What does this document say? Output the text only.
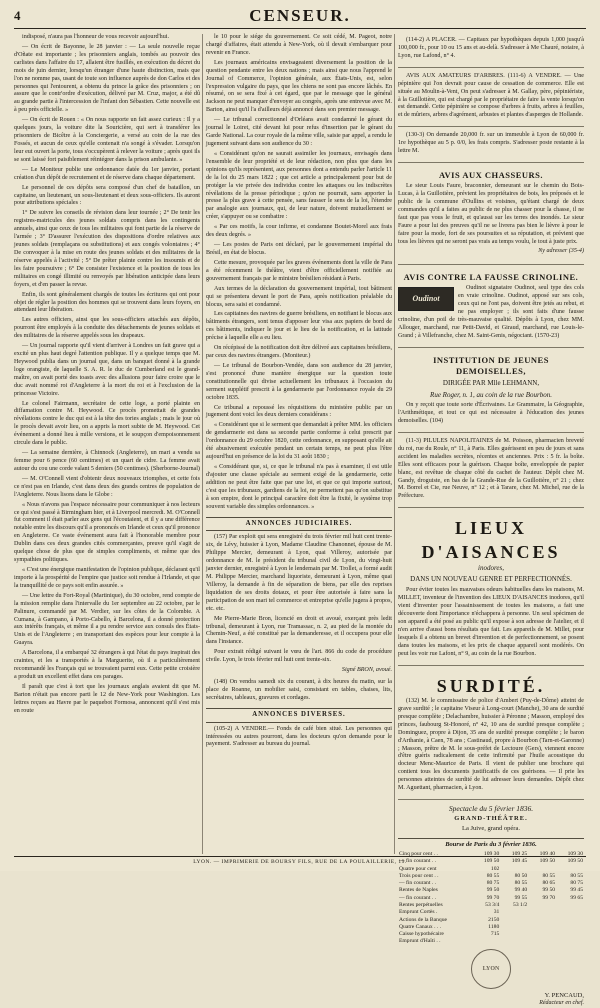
4	CENSEUR.

indisposé, n'aura pas l'honneur de vous recevoir aujourd'hui.

— On écrit de Bayonne, le 28 janvier : — La seule nouvelle reçue d'Oñate est importante ; les prisonniers anglais, tombés au pouvoir des carlistes dans l'affaire du 17, allaient être fusillés, en exécution du décret du mois de juin dernier, lorsqu'un étranger d'une haute distinction, mais que l'on ne nomme pas, usant de toute son influence auprès de don Carlos et des personnes qui l'entourent, a obtenu du prince la grâce des prisonniers ; on assure que le contr'ordre d'exécution, délivré par M. Cruz, major, a été dû au grande partie à l'intercession de l'infant don Sébastien. Cette nouvelle est à peu près officielle. »

— On écrit de Rouen : « On nous rapporte un fait assez curieux : Il y a quelques jours, la voiture dite la Souricière, qui sert à transférer les prisonniers de Bicêtre à la Conciergerie, a versé au coin de la rue des Fossés, et aucun de ceux qu'elle contenait n'a songé à s'évader. Lorsqu'on leur eut ouvert la porte, tous s'occupèrent à relever la voiture ; après quoi ils se sont laissé fort paisiblement réintégrer dans la prison ambulante. »

— Le Moniteur publie une ordonnance datée du 1er janvier, portant création d'un dépôt de recrutement et de réserve dans chaque département.

Le personnel de ces dépôts sera composé d'un chef de bataillon, un capitaine, un lieutenant, un sous-lieutenant et deux sous-officiers. Ils auront pour attributions spéciales :

1° De suivre les conseils de révision dans leur tournée ; 2° De tenir les registres-matricules des jeunes soldats compris dans les contingents annuels, ainsi que ceux de tous les militaires qui font partie de la réserve de l'armée ; 3° D'assurer l'exécution des dispositions d'ordre relatives aux jeunes soldats (remplaçans ou substitutions) et aux congés volontaires ; 4° De convoquer à la mise en route des jeunes soldats et des militaires de la réserve appelés à l'activité ; 5° De prêter plainte contre les insoumis et de les faire poursuivre ; 6° De consister l'existence et la position de tous les militaires en congé illimité ou renvoyés par libération anticipée dans leurs foyers, et d'en passer la revue.

Enfin, ils sont généralement chargés de toutes les écritures qui ont pour objet de régler la position des hommes qui se trouvent dans leurs foyers, en attendant leur libération.

Les autres officiers, ainsi que les sous-officiers attachés aux dépôts, pourront être employés à la conduite des détachements de jeunes soldats et des militaires de la réserve appelés sous les drapeaux.

— Un journal rapporte qu'il vient d'arriver à Londres un fait grave qui a excité un plus haut degré l'attention publique. Il y a quelque temps que M. Heywood publia dans un journal que, dans un banquet donné à la grande loge orangiste, de laquelle S. A. R. le duc de Cumberland est le grand-maître, on avait porté des toasts avec des allusions pour faire croire que le duc avait nommé roi d'Angleterre à la mort du roi et à l'exclusion de la princesse Victoire.

Le colonel Fairmann, secrétaire de cette loge, a porté plainte en diffamation contre M. Heywood. Ce procès promettait de grandes révélations contre le duc qui est à la tête des tories anglais ; mais le jour où le procès devait avoir lieu, on a appris la mort subite de M. Heywood. Cet événement a donné lieu à mille versions, et le soupçon d'empoisonnement circule dans le public.

— La semaine dernière, à Chinnock (Angleterre), un mari a vendu sa femme pour 6 pence (60 centimes) et un quart de cidre. La femme avait autour du cou une corde valant 5 deniers (50 centimes). (Sherborne-Journal)

— M. O'Connell vient d'obtenir deux nouveaux triomphes, et cette fois ce n'est pas en Irlande, c'est dans deux des grands centres de population de l'Angleterre. Nous lisons dans le Globe :

« Nous n'avons pas l'espace nécessaire pour communiquer à nos lecteurs ce qui s'est passé à Birmingham hier, et à Liverpool mercredi. M. O'Connell fut comment il était parler aux gens qui l'écoutaient, et il y a une différence notable entre les discours qu'il a prononcés en Irlande et ceux qu'il prononce en Angleterre. Ce vaste événement aura fait à l'honorable membre pour Dublin dans ces deux grandes cités commerçantes, preuve qu'il s'agit de quelque chose de plus que de simples compliments, et même que des sympathies politiques.

« C'est une énergique manifestation de l'opinion publique, déclarant qu'il importe à la prospérité de l'empire que justice soit rendue à l'Irlande, et que la tranquillité de ce pays soit enfin assurée. »

— Une lettre du Fort-Royal (Martinique), du 30 octobre, rend compte de la mission remplie dans l'intervalle du 1er septembre au 22 octobre, par le Palinure, commandé par M. Verdier, sur les côtes de la Colombie. A Cumana, à Gampano, à Porto-Cabello, à Barcelona, il a donné protection aux intérêts français, et même il a pu rendre service aux consuls des États-Unis et de l'Angleterre ; en transportant des espèces pour leur compte à la Guayra.

A Barcelona, il a embarqué 32 étrangers à qui l'état du pays inspirait des craintes, et les a transportés à la Marguerite, où il a particulièrement recommandé les Français qui se trouvaient parmi eux. Cette petite croisière a produit un excellent effet dans ces parages.

Il paraît que c'est à tort que les journaux anglais avaient dit que M. Barton n'était pas encore parti le 12 de New-York pour Washington. Les lettres reçues au Havre par le paquebot Formosa, annoncent qu'il s'est mis en route

le 10 pour le siége du gouvernement. Ce soit cédé, M. Pageot, notre chargé d'affaires, était attendu à New-York, où il devait s'embarquer pour revenir en France.

Les journaux américains envisageaient diversement la position de la question pendante entre les deux nations ; mais ainsi que nous l'apprend le Journal of Commerce, l'opinion générale, aux États-Unis, est, selon l'expression vulgaire du pays, que les chiens ne sont pas encore lâchés. En résumé, on se sera fixé à cet égard, que par le message que le général Jackson ne peut manquer d'envoyer au congrès, après une entrevue avec M. Barton, ainsi qu'il l'a d'ailleurs déjà annoncé dans son premier message.

— Le tribunal correctionnel d'Orléans avait condamné le gérant du journal le Loiret, cité devant lui pour refus d'insertion par le gérant du Garde National. La cour royale de la même ville, saisie par appel, a rendu le jugement suivant dans son audience du 30 :

« Considérant qu'on ne saurait assimiler les journaux, envisagés dans l'ensemble de leur propriété et de leur rédaction, non plus que dans les opinions qu'ils représentent, aux personnes dont a entendu parler l'article 11 de la loi du 25 mars 1822 ; que cet article a principalement pour but de protéger la vie privée des individus contre les attaques ou les indiscrètes révélations de la presse périodique ; qu'on ne pourrait, sans apporter la presse la plus grave à cette pensée, sans fausser le sens de la loi, l'étendre par analogie aux journaux, qui, de leur nature, doivent mutuellement se créer, s'appuyer ou se combattre :

« Par ces motifs, la cour infirme, et condamne Boutet-Morel aux frais des deux degrés. »

— Les postes de Paris ont déclaré, par le gouvernement impérial du Brésil, en état de blocus.

Cette mesure, provoquée par les graves événements dont la ville de Para a été récemment le théâtre, vient d'être officiellement notifiée au gouvernement français par le ministre brésilien résidant à Paris.

Aux termes de la déclaration du gouvernement impérial, tout bâtiment qui se présentera devant le port de Para, après notification préalable du blocus, sera saisi et condamné.

Les capitaines des navires de guerre brésiliens, en notifiant le blocus aux bâtiments étrangers, sont tenus d'apposer leur visa aux papiers de bord de ces bâtiments, indiquer le jour et le lieu de la notification, et la latitude précise à laquelle elle a eu lieu.

On récépissé de la notification doit être délivré aux capitaines brésiliens, par ceux des navires étrangers. (Moniteur.)

— Le tribunal de Bourbon-Vendée, dans son audience du 28 janvier, s'est prononcé d'une manière énergique sur la question toute constitutionnelle qui divise actuellement les tribunaux à l'occasion du serment supplétif prescrit à la gendarmerie par l'ordonnance royale du 29 octobre 1835.

Ce tribunal a repoussé les réquisitions du ministère public par un jugement dont voici les deux derniers considérans :

« Considérant que si le serment que demandait à prêter MM. les officiers de gendarmerie est dans sa seconde partie conforme à celui prescrit par l'ordonnance du 29 octobre 1820, cette ordonnance, en supposant qu'elle ait été abusivement exécutée pendant un certain temps, ne peut plus l'être aujourd'hui en présence de la loi du 31 août 1830 ;

« Considérant que, si, ce que le tribunal n'a pas à examiner, il est utile d'ajouter une clause spéciale au serment exigé de la gendarmerie, cette addition ne peut être faite que par une loi, et que ce qui importe surtout, c'est que les tribunaux, gardiens de la loi, ne permettent pas qu'on substitue à son empire, dont le principal caractère doit être la fixité, le système trop souvent variable des simples ordonnances. »

ANNONCES JUDICIAIRES.

(157) Par exploit qui sera enregistré du trois février mil huit cent trente-six, de Lévy, huissier à Lyon, Madame Claudine Chanonnet, épouse de M. Philippe Mercier, demeurant à Lyon, quai Villeroy, autorisée par ordonnance de M. le président du tribunal civil de Lyon, du vingt-huit janvier dernier, enregistré à Lyon le lendemain par M. Trollet, a formé audit M. Philippe Mercier, marchand liquoriste, demeurant à Lyon, même quai Villeroy, la demande à fin de séparation de biens, par elle des reprises liquidation de ses droits dotaux, et pour être autorisée à faire sans la participation de son mari tel commerce et entreprise qu'elle jugera à propos, etc. etc.

Me Pierre-Marie Bron, licencié en droit et avoué, exerçant près ledit tribunal, demeurant à Lyon, rue Tramassac, n. 2, au pied de la montée du Chemin-Neuf, a été constitué par la demanderesse, et il occupera pour elle dans l'instance.

Pour extrait rédigé suivant le vœu de l'art. 866 du code de procédure civile. Lyon, le trois février mil huit cent trente-six.

Signé BRON, avoué.

(148) On vendra samedi six du courant, à dix heures du matin, sur la place de Roanne, un mobilier saisi, consistant en tables, chaises, lits, secrétaires, tableaux, gravures et cordages.

ANNONCES DIVERSES.

(105-2) A VENDRE.— Fonds de café bien situé. Les personnes qui intéressées ou autres pourront, dans les docteurs qu'on demande pour le payement. S'adresser au bureau du journal.

(114-2) A PLACER. — Capitaux par hypothèques depuis 1,000 jusqu'à 100,000 fr., pour 10 ou 15 ans et au-delà. S'adresser à Me Chauré, notaire, à Lyon, rue Lafond, n° 4.

AVIS AUX AMATEURS D'ARBRES. (111-6) A VENDRE. — Une pépinière qui l'on devrait pour cause de cessation de commerce. Elle est située au Moulin-à-Vent, On peut s'adresser à M. Gallay, père, pépiniériste, à la Guillotière, qui est chargé par le propriétaire de faire la vente lorsqu'on est demandé. Cette pépinière se compose d'arbres à fruits, arbres à feuilles, et de mûriers, arbres d'agrément, arbustes et plantes d'asperges de Hollande.

(130-3) On demande 20,000 fr. sur un immeuble à Lyon de 60,000 fr. 1re hypothèque au 5 p. 0/0, les frais compris. S'adresser poste restante à la lettre M.

AVIS AUX CHASSEURS.

Le sieur Louis Faure, braconnier, demeurant sur le chemin du Bois-Lucas, à la Guillotière, prévient les propriétaires de bois, les préposés et le public de la commune d'Oullins et voisines, qu'étant chargé de deux commandes qu'il a faites au public de ne plus chasser pour la chasse, il ne faut que pas vous le fruit, et qu'aussi sur les terres des inondés. Le sieur Faure a pour lui des preuves qu'il ne se livrera pas bien le lièvre à pour le faire pour la mode, fort de ses poursuites et sa réputation, et prévient que tous les lièvres qui ne seront pas vrais au temps voulu, le tout à juste prix.

Ny adresser (35-4)
AVIS CONTRE LA FAUSSE CRINOLINE.
Oudinot

Oudinot signataire Oudinot, seul type des cols en vraie crinoline. Oudinot, apposé sur ses cols, ceux qui ne l'ont pas, doivent être jetés au rebut, et ne pas employer ; ils sont faits d'une fausse crinoline, d'un poil de très-mauvaise qualité. Dépôts à Lyon, chez MM. Allouger, marchand, rue Petit-David, et Giraud, marchand, rue Louis-le-Grand ; à Villefranche, chez M. Saint-Genis, négociant. (1570-23)

INSTITUTION DE JEUNES DEMOISELLES,
DIRIGÉE PAR Mlle LEHMANN,
Rue Roger, n. 1, au coin de la rue Bourbon.

On y reçoit que toute sorte d'Écrivaines. Le Grammaire, la Géographie, l'Arithmétique, et tout ce qui est nécessaire à l'éducation des jeunes demoiselles. (104)

(11-3) PILULES NAPOLITAINES de M. Poisson, pharmacien breveté du roi, rue du Roule, n° 11, à Paris. Elles guérissent en peu de jours et sans accident les maladies secrètes, récentes et anciennes. Prix : 5 fr. la boîte. Elles sont efficaces pour la guérison. Chaque boîte, enveloppée de papier blanc, est revêtue de chaque côté du cachet de l'auteur. Dépôt chez M. Gandy, droguiste, en bas de la Grande-Rue de la Guillotière, n° 21 ; chez M. Borrel et Cie, rue Neuve, n° 12 ; et à Tarare, chez M. Michel, rue de la Préfecture.

LIEUX D'AISANCES
inodores,
DANS UN NOUVEAU GENRE ET PERFECTIONNÉS.

Pour éviter toutes les mauvaises odeurs habituelles dans les maisons, M. MILLET, inventeur de l'invention des LIEUX D'AISANCES inodores, qu'il vient d'inventer pour l'assainissement de toutes les maisons, a fait une découverte dont l'importance n'échappera à personne. Un seul spécimen de son appareil a été posé au public qu'il expose à son adresse de l'atelier, et il n'en arrive d'aussi bons résultats que fait. Les appareils de M. Millet, pour lesquels il a obtenu un brevet d'invention et de perfectionnement, se posent dans toutes les maisons, et les prix de chaque appareil sont modérés. On peut les voir rue Lafont, n° 9, au coin de la rue Bourbon.

SURDITÉ.

(132) M. le commissaire de police d'Ambert (Puy-de-Dôme) atteint de grave surdité ; le capitaine Viseur à Long-court (Manche), 30 ans de surdité presque complète ; Delachambre, huissier à Péronne ; Masson, employé des princes, faubourg St-Honoré, n° 42, 10 ans de surdité presque complète ; Dominguez, propre à Dijon, 35 ans de surdité presque complète ; le baron d'Arthanie, à Caen, 78 ans ; Castinaud, propre à Bourbon (Tarn-et-Garonne) ; Masson, prêtre de M. le sous-préfet de Lectoure (Gers), viennent encore d'être guéris radicalement de cette infirmité par l'huile acoustique du docteur Menc-Maurice de Paris. Il vient de publier une brochure qui contient tous les documents justificatifs de ces guérisons. — Il prie les personnes atteintes de surdité de lui adresser leurs demandes. Dépôt chez M. Aguettant, pharmacien, à Lyon.

Spectacle du 5 février 1836.
GRAND-THÉÂTRE.
La Juive, grand opéra.
Bourse de Paris du 3 février 1836.
Cinq pour cent . .	109 30	109 25	109 40	109 30
— fin courant . .	109 50	109 45	109 50	109 50
Quatre pour cent	102			
Trois pour cent . .	80 55	80 50	80 55	80 55
— fin courant . .	80 75	80 55	80 65	80 75
Rentes de Naples	99 50	99 40	99 50	99 45
— fin courant . .	99 70	99 55	99 70	99 65
Rentes perpétuelles	53 3/4	53 1/2		
Emprunt Cortès .	31			
Actions de la Banque	2150			
Quatre Canaux . . .	1180			
Caisse hypothécaire	715			
Emprunt d'Haïti . .				
LYON
Y. PENCAUD,
Rédacteur en chef.
LYON. — IMPRIMERIE DE BOURSY FILS, RUE DE LA POULAILLERIE, 19.
